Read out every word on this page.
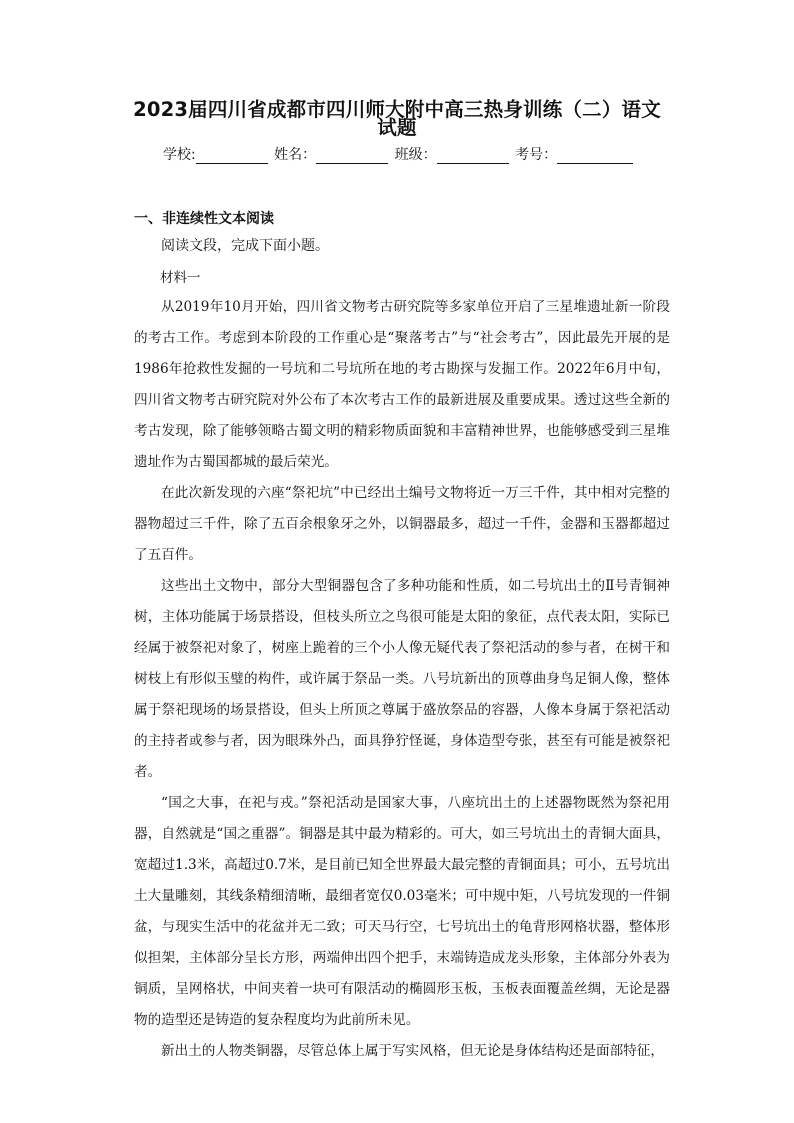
2023届四川省成都市四川师大附中高三热身训练（二）语文
试题
学校:	姓名：	班级：	考号：
一、非连续性文本阅读
阅读文段，完成下面小题。
材料一

从2019年10月开始，四川省文物考古研究院等多家单位开启了三星堆遗址新一阶段的考古工作。考虑到本阶段的工作重心是“聚落考古”与“社会考古”，因此最先开展的是1986年抢救性发掘的一号坑和二号坑所在地的考古勘探与发掘工作。2022年6月中旬，四川省文物考古研究院对外公布了本次考古工作的最新进展及重要成果。透过这些全新的考古发现，除了能够领略古蜀文明的精彩物质面貌和丰富精神世界，也能够感受到三星堆遗址作为古蜀国都城的最后荣光。

在此次新发现的六座“祭祀坑”中已经出土编号文物将近一万三千件，其中相对完整的器物超过三千件，除了五百余根象牙之外，以铜器最多，超过一千件，金器和玉器都超过了五百件。

这些出土文物中，部分大型铜器包含了多种功能和性质，如二号坑出土的Ⅱ号青铜神树，主体功能属于场景搭设，但枝头所立之鸟很可能是太阳的象征，点代表太阳，实际已经属于被祭祀对象了，树座上跪着的三个小人像无疑代表了祭祀活动的参与者，在树干和树枝上有形似玉璧的构件，或许属于祭品一类。八号坑新出的顶尊曲身鸟足铜人像，整体属于祭祀现场的场景搭设，但头上所顶之尊属于盛放祭品的容器，人像本身属于祭祀活动的主持者或参与者，因为眼珠外凸，面具狰狞怪诞，身体造型夸张，甚至有可能是被祭祀者。

“国之大事，在祀与戎。”祭祀活动是国家大事，八座坑出土的上述器物既然为祭祀用器，自然就是“国之重器”。铜器是其中最为精彩的。可大，如三号坑出土的青铜大面具，宽超过1.3米，高超过0.7米，是目前已知全世界最大最完整的青铜面具；可小，五号坑出土大量雕刻，其线条精细清晰，最细者宽仅0.03毫米；可中规中矩，八号坑发现的一件铜盆，与现实生活中的花盆并无二致；可天马行空，七号坑出土的龟背形网格状器，整体形似担架，主体部分呈长方形，两端伸出四个把手，末端铸造成龙头形象，主体部分外表为铜质，呈网格状，中间夹着一块可有限活动的椭圆形玉板，玉板表面覆盖丝绸，无论是器物的造型还是铸造的复杂程度均为此前所未见。

新出土的人物类铜器，尽管总体上属于写实风格，但无论是身体结构还是面部特征，
